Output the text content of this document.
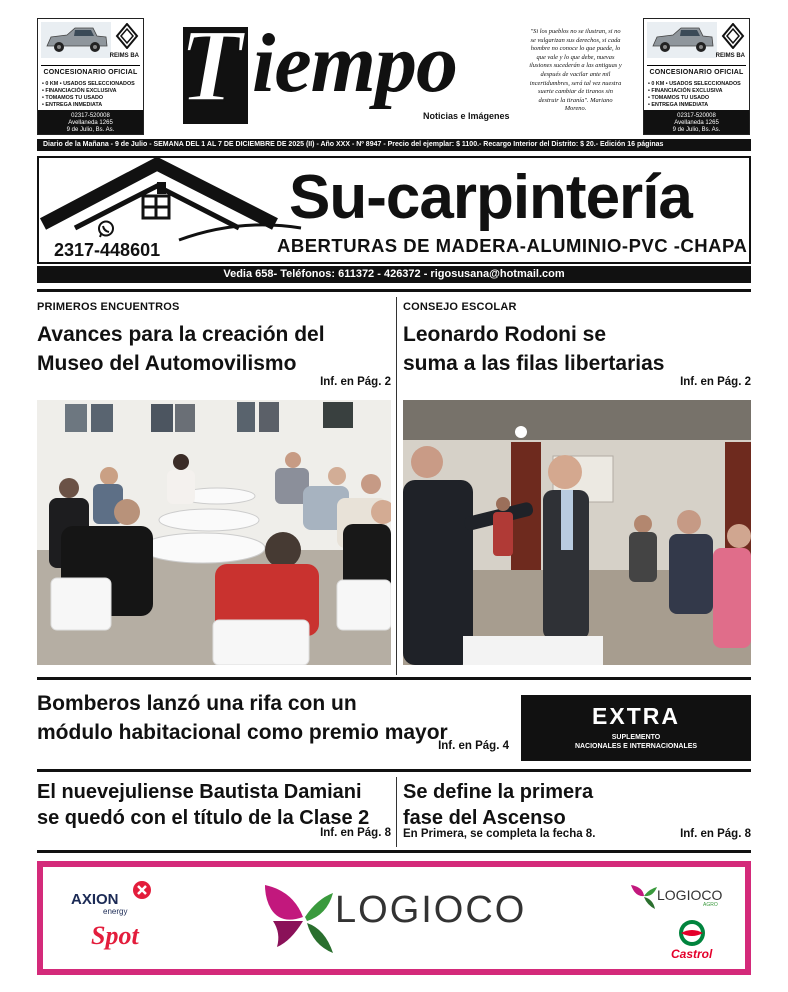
REIMS BA
CONCESIONARIO OFICIAL
• 0 KM • USADOS SELECCIONADOS
• FINANCIACIÓN EXCLUSIVA
• TOMAMOS TU USADO
• ENTREGA INMEDIATA
02317-520008
Avellaneda 1265
9 de Julio, Bs. As.
REIMS BA
CONCESIONARIO OFICIAL
• 0 KM • USADOS SELECCIONADOS
• FINANCIACIÓN EXCLUSIVA
• TOMAMOS TU USADO
• ENTREGA INMEDIATA
02317-520008
Avellaneda 1265
9 de Julio, Bs. As.
T iempo
Noticias e Imágenes
"Si los pueblos no se ilustran, si no se vulgarizan sus derechos, si cada hombre no conoce lo que puede, lo que vale y lo que debe, nuevas ilusiones sucederán a las antiguas y después de vacilar ante mil incertidumbres, será tal vez nuestra suerte cambiar de tiranos sin destruir la tiranía". Mariano Moreno.
Diario de la Mañana - 9 de Julio - SEMANA DEL 1 AL 7 DE DICIEMBRE DE 2025 (II) - Año XXX - Nº 8947 - Precio del ejemplar: $ 1100.- Recargo Interior del Distrito: $ 20.- Edición 16 páginas
Su-carpintería
ABERTURAS DE MADERA-ALUMINIO-PVC -CHAPA
2317-448601
Vedia 658- Teléfonos: 611372 - 426372 - rigosusana@hotmail.com
PRIMEROS ENCUENTROS
Avances para la creación del
Museo del Automovilismo
Inf. en Pág. 2
CONSEJO ESCOLAR
Leonardo Rodoni se
suma a las filas libertarias
Inf. en Pág. 2
Bomberos lanzó una rifa con un
módulo habitacional como premio mayor
Inf. en Pág. 4
EXTRA
SUPLEMENTO
NACIONALES E INTERNACIONALES
El nuevejuliense Bautista Damiani
se quedó con el título de la Clase 2
Inf. en Pág. 8
Se define la primera
fase del Ascenso
En Primera, se completa la fecha 8.	Inf. en Pág. 8
AXION
energy
Spot
LOGIOCO	LOGIOCO
AGRO
Castrol
